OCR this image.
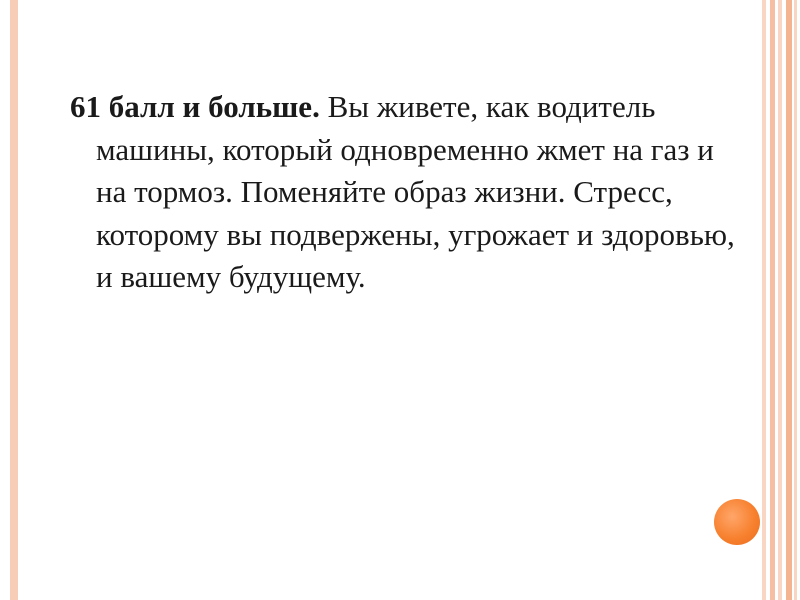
61 балл и больше. Вы живете, как водитель машины, который одновременно жмет на газ и на тормоз. Поменяйте образ жизни. Стресс, которому вы подвержены, угрожает и здоровью, и вашему будущему.
